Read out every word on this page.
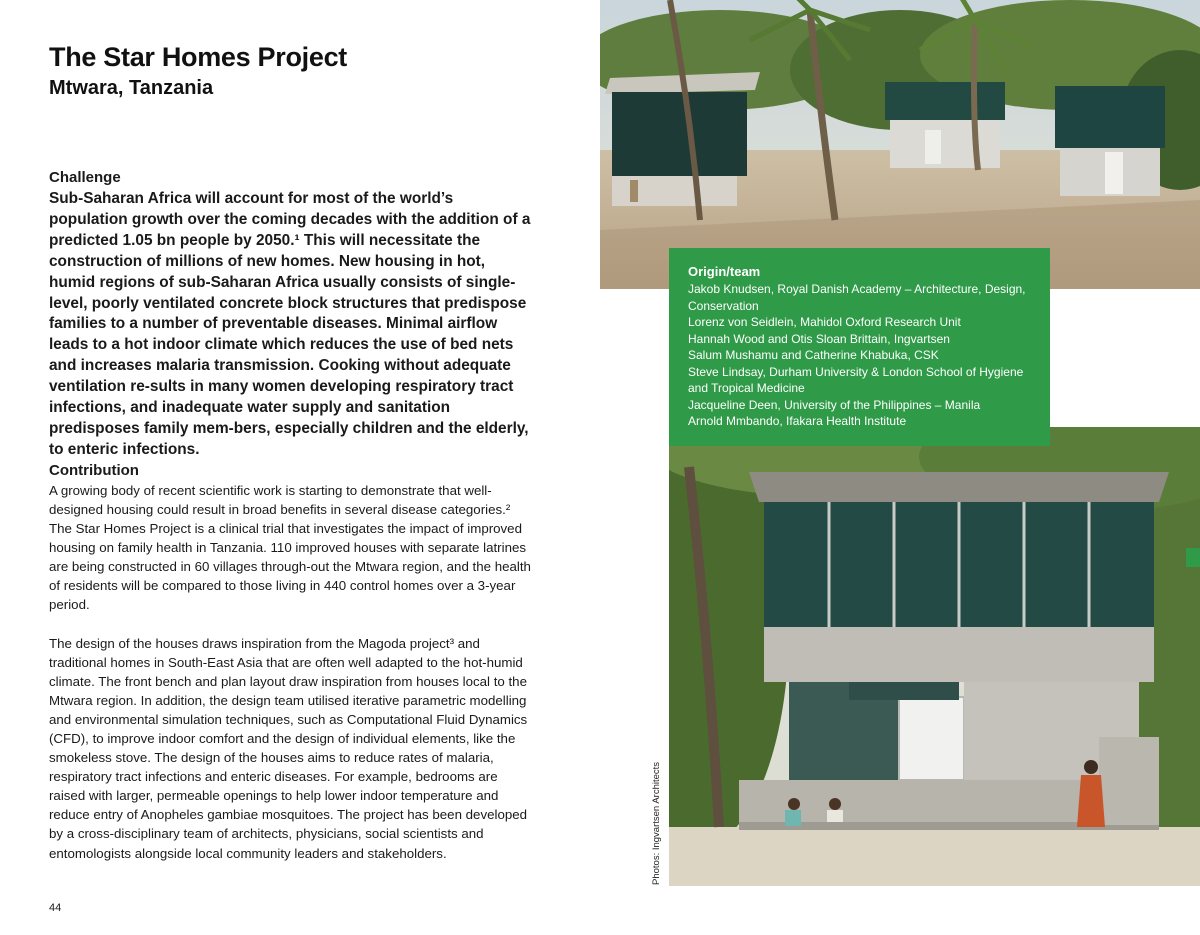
The Star Homes Project
Mtwara, Tanzania
Challenge

Sub-Saharan Africa will account for most of the world’s population growth over the coming decades with the addition of a predicted 1.05 bn people by 2050.¹ This will necessitate the construction of millions of new homes. New housing in hot, humid regions of sub-Saharan Africa usually consists of single-level, poorly ventilated concrete block structures that predispose families to a number of preventable diseases. Minimal airflow leads to a hot indoor climate which reduces the use of bed nets and increases malaria transmission. Cooking without adequate ventilation re-sults in many women developing respiratory tract infections, and inadequate water supply and sanitation predisposes family mem-bers, especially children and the elderly, to enteric infections.

Contribution

A growing body of recent scientific work is starting to demonstrate that well-designed housing could result in broad benefits in several disease categories.² The Star Homes Project is a clinical trial that investigates the impact of improved housing on family health in Tanzania. 110 improved houses with separate latrines are being constructed in 60 villages through-out the Mtwara region, and the health of residents will be compared to those living in 440 control homes over a 3-year period.

The design of the houses draws inspiration from the Magoda project³ and traditional homes in South-East Asia that are often well adapted to the hot-humid climate. The front bench and plan layout draw inspiration from houses local to the Mtwara region. In addition, the design team utilised iterative parametric modelling and environmental simulation techniques, such as Computational Fluid Dynamics (CFD), to improve indoor comfort and the design of individual elements, like the smokeless stove. The design of the houses aims to reduce rates of malaria, respiratory tract infections and enteric diseases. For example, bedrooms are raised with larger, permeable openings to help lower indoor temperature and reduce entry of Anopheles gambiae mosquitoes. The project has been developed by a cross-disciplinary team of architects, physicians, social scientists and entomologists alongside local community leaders and stakeholders.

44
Origin/team
Jakob Knudsen, Royal Danish Academy – Architecture, Design, Conservation
Lorenz von Seidlein, Mahidol Oxford Research Unit
Hannah Wood and Otis Sloan Brittain, Ingvartsen
Salum Mushamu and Catherine Khabuka, CSK
Steve Lindsay, Durham University & London School of Hygiene and Tropical Medicine
Jacqueline Deen, University of the Philippines – Manila
Arnold Mmbando, Ifakara Health Institute
Photos: Ingvartsen Architects
